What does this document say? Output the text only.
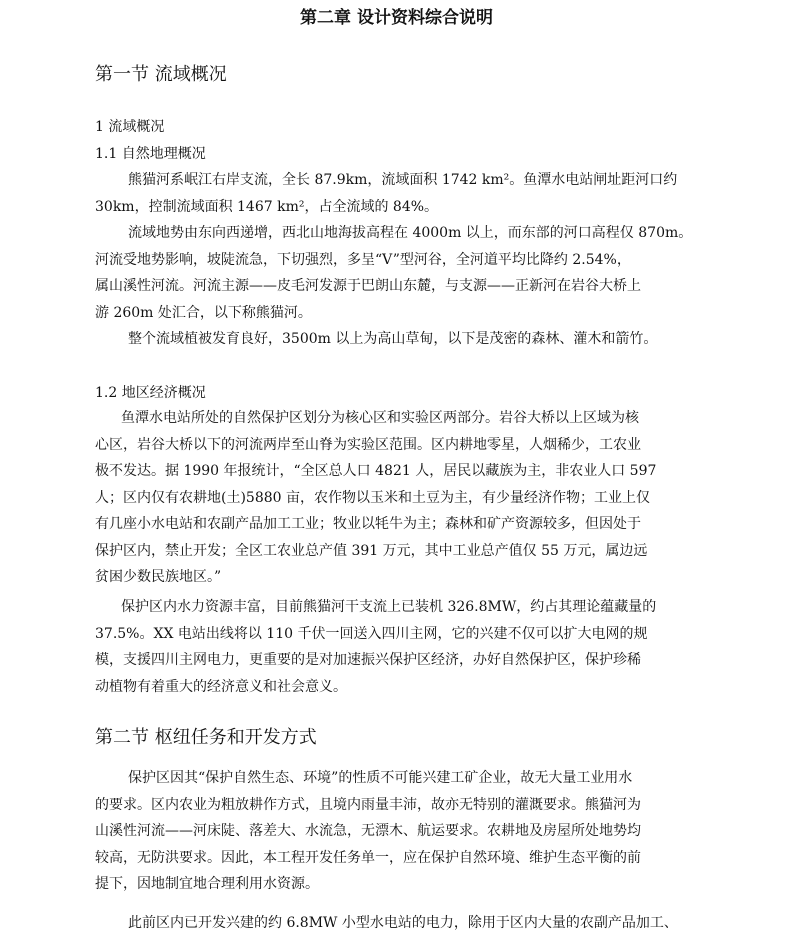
第二章 设计资料综合说明
第一节 流域概况
1 流域概况
1.1 自然地理概况
熊猫河系岷江右岸支流，全长 87.9km，流域面积 1742 km²。鱼潭水电站闸址距河口约
30km，控制流域面积 1467 km²，占全流域的 84%。
流域地势由东向西递增，西北山地海拔高程在 4000m 以上，而东部的河口高程仅 870m。
河流受地势影响，坡陡流急，下切强烈，多呈“V”型河谷，全河道平均比降约 2.54%，
属山溪性河流。河流主源——皮毛河发源于巴朗山东麓，与支源——正新河在岩谷大桥上
游 260m 处汇合，以下称熊猫河。
整个流域植被发育良好，3500m 以上为高山草甸，以下是茂密的森林、灌木和箭竹。
1.2 地区经济概况
鱼潭水电站所处的自然保护区划分为核心区和实验区两部分。岩谷大桥以上区域为核
心区，岩谷大桥以下的河流两岸至山脊为实验区范围。区内耕地零星，人烟稀少，工农业
极不发达。据 1990 年报统计，“全区总人口 4821 人，居民以藏族为主，非农业人口 597
人；区内仅有农耕地(土)5880 亩，农作物以玉米和土豆为主，有少量经济作物；工业上仅
有几座小水电站和农副产品加工工业；牧业以牦牛为主；森林和矿产资源较多，但因处于
保护区内，禁止开发；全区工农业总产值 391 万元，其中工业总产值仅 55 万元，属边远
贫困少数民族地区。”
保护区内水力资源丰富，目前熊猫河干支流上已装机 326.8MW，约占其理论蕴藏量的
37.5%。XX 电站出线将以 110 千伏一回送入四川主网，它的兴建不仅可以扩大电网的规
模，支援四川主网电力，更重要的是对加速振兴保护区经济，办好自然保护区，保护珍稀
动植物有着重大的经济意义和社会意义。
第二节 枢纽任务和开发方式
保护区因其“保护自然生态、环境”的性质不可能兴建工矿企业，故无大量工业用水
的要求。区内农业为粗放耕作方式，且境内雨量丰沛，故亦无特别的灌溉要求。熊猫河为
山溪性河流——河床陡、落差大、水流急，无漂木、航运要求。农耕地及房屋所处地势均
较高，无防洪要求。因此，本工程开发任务单一，应在保护自然环境、维护生态平衡的前
提下，因地制宜地合理利用水资源。
此前区内已开发兴建的约 6.8MW 小型水电站的电力，除用于区内大量的农副产品加工、
